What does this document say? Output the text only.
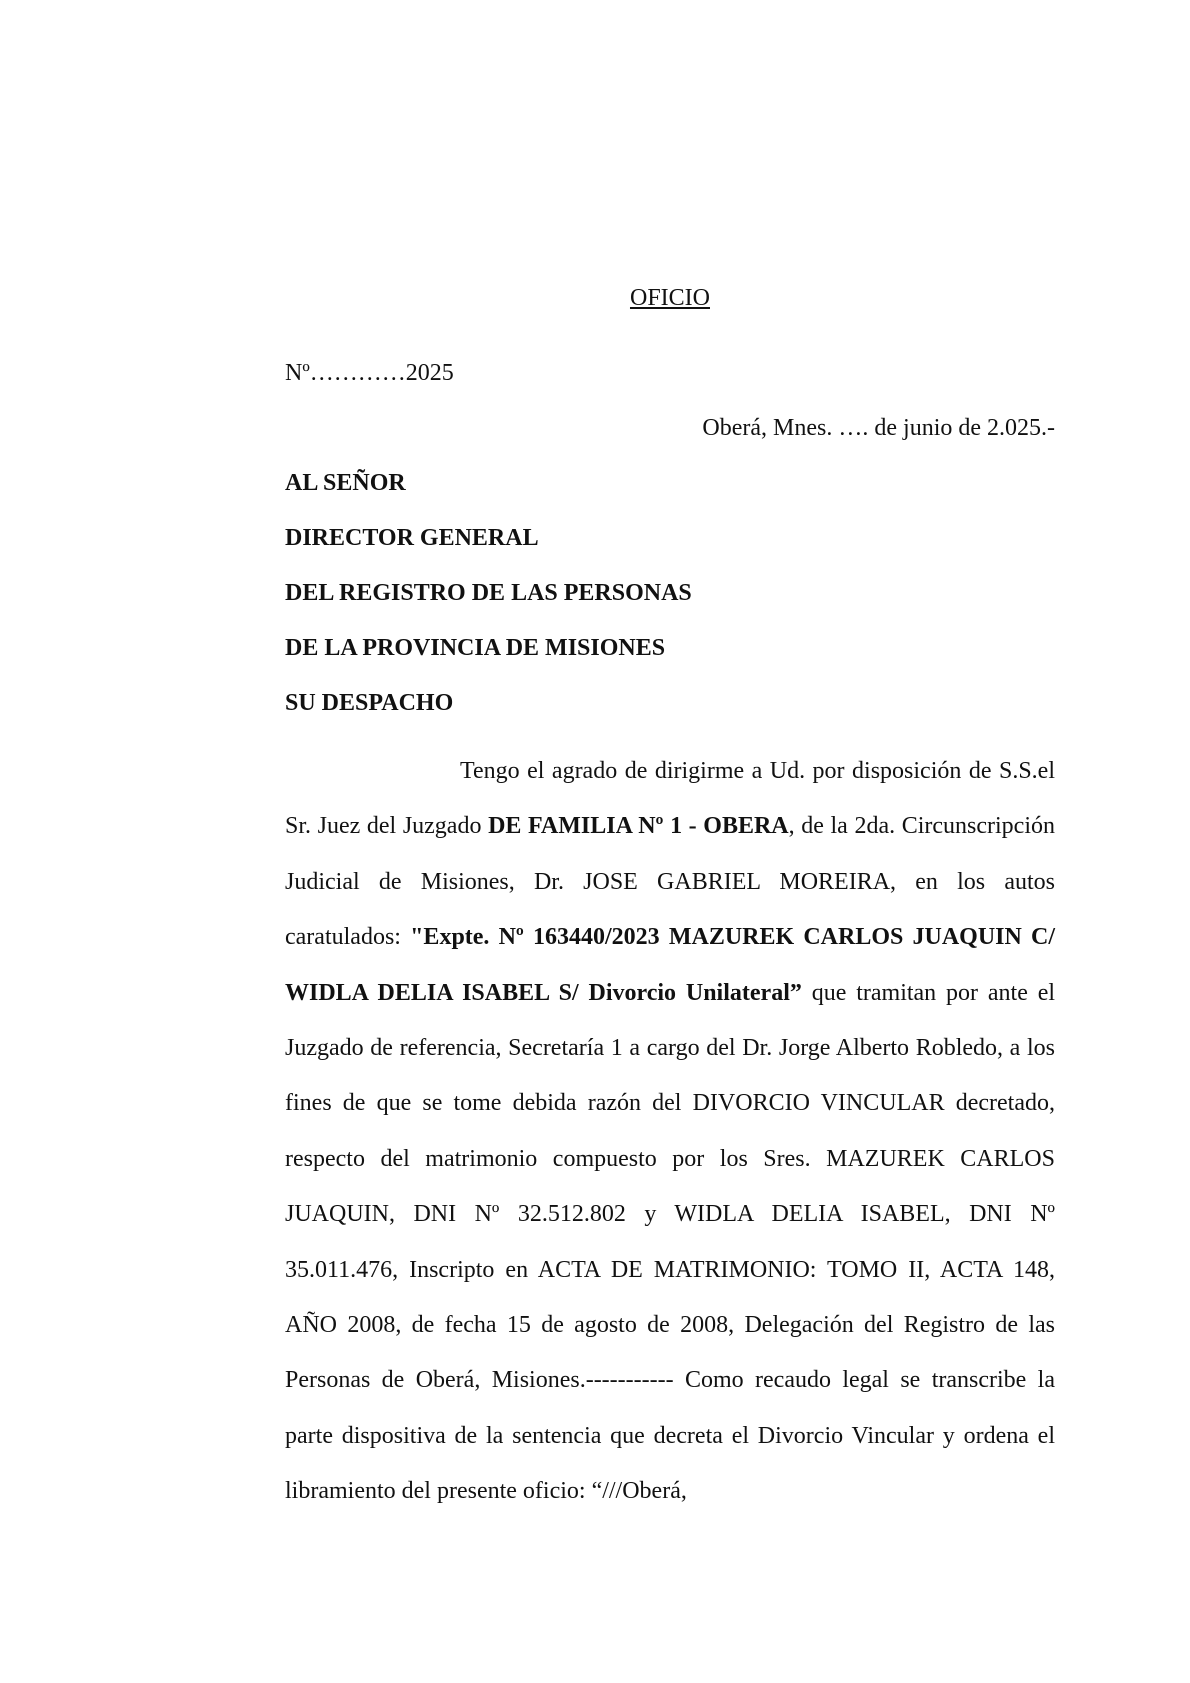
OFICIO
Nº…………2025
Oberá, Mnes. …. de junio de 2.025.-
AL SEÑOR
DIRECTOR GENERAL
DEL REGISTRO DE LAS PERSONAS
DE LA PROVINCIA DE MISIONES
SU DESPACHO
Tengo el agrado de dirigirme a Ud. por disposición de S.S.el Sr. Juez del Juzgado DE FAMILIA Nº 1 - OBERA, de la 2da. Circunscripción Judicial de Misiones, Dr. JOSE GABRIEL MOREIRA, en los autos caratulados: "Expte. Nº 163440/2023 MAZUREK CARLOS JUAQUIN C/ WIDLA DELIA ISABEL S/ Divorcio Unilateral” que tramitan por ante el Juzgado de referencia, Secretaría 1 a cargo del Dr. Jorge Alberto Robledo, a los fines de que se tome debida razón del DIVORCIO VINCULAR decretado, respecto del matrimonio compuesto por los Sres. MAZUREK CARLOS JUAQUIN, DNI Nº 32.512.802 y WIDLA DELIA ISABEL, DNI Nº 35.011.476, Inscripto en ACTA DE MATRIMONIO: TOMO II, ACTA 148, AÑO 2008, de fecha 15 de agosto de 2008, Delegación del Registro de las Personas de Oberá, Misiones.----------- Como recaudo legal se transcribe la parte dispositiva de la sentencia que decreta el Divorcio Vincular y ordena el libramiento del presente oficio: “///Oberá,
